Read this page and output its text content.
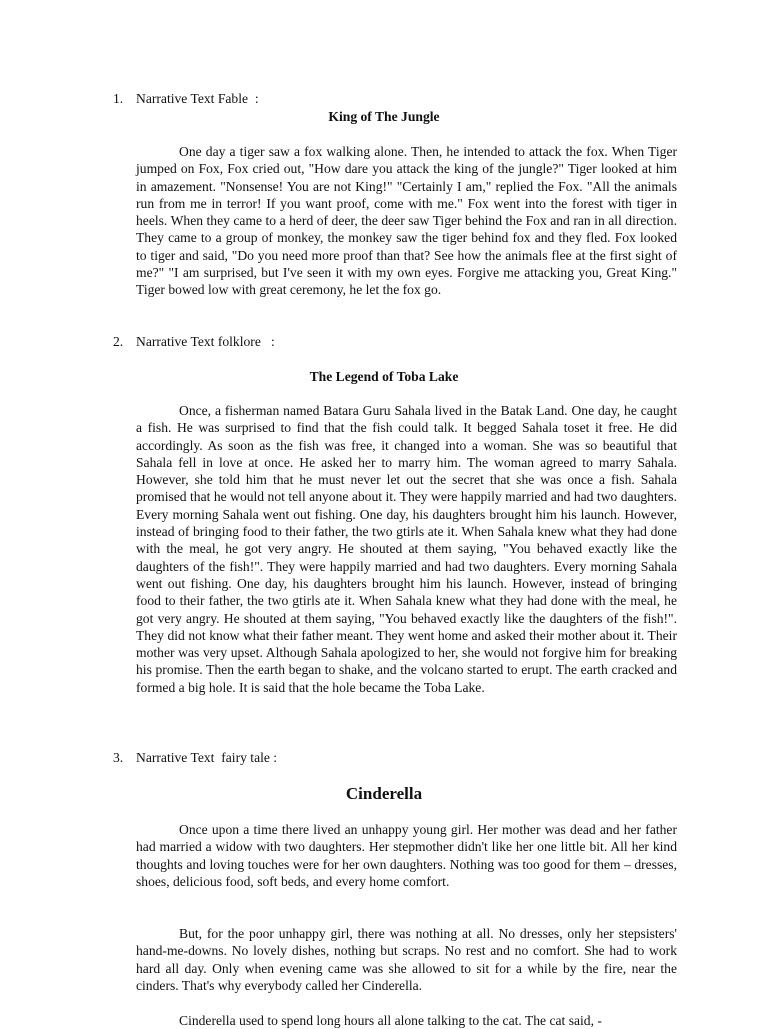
1. Narrative Text Fable  :
King of The Jungle

One day a tiger saw a fox walking alone. Then, he intended to attack the fox. When Tiger jumped on Fox, Fox cried out, "How dare you attack the king of the jungle?" Tiger looked at him in amazement. "Nonsense! You are not King!" "Certainly I am," replied the Fox. "All the animals run from me in terror! If you want proof, come with me." Fox went into the forest with tiger in heels. When they came to a herd of deer, the deer saw Tiger behind the Fox and ran in all direction. They came to a group of monkey, the monkey saw the tiger behind fox and they fled. Fox looked to tiger and said, "Do you need more proof than that? See how the animals flee at the first sight of me?" "I am surprised, but I've seen it with my own eyes. Forgive me attacking you, Great King." Tiger bowed low with great ceremony, he let the fox go.

2. Narrative Text folklore   :
The Legend of Toba Lake

Once, a fisherman named Batara Guru Sahala lived in the Batak Land. One day, he caught a fish. He was surprised to find that the fish could talk. It begged Sahala toset it free. He did accordingly. As soon as the fish was free, it changed into a woman. She was so beautiful that Sahala fell in love at once. He asked her to marry him. The woman agreed to marry Sahala. However, she told him that he must never let out the secret that she was once a fish. Sahala promised that he would not tell anyone about it. They were happily married and had two daughters. Every morning Sahala went out fishing. One day, his daughters brought him his launch. However, instead of bringing food to their father, the two gtirls ate it. When Sahala knew what they had done with the meal, he got very angry. He shouted at them saying, "You behaved exactly like the daughters of the fish!". They were happily married and had two daughters. Every morning Sahala went out fishing. One day, his daughters brought him his launch. However, instead of bringing food to their father, the two gtirls ate it. When Sahala knew what they had done with the meal, he got very angry. He shouted at them saying, "You behaved exactly like the daughters of the fish!". They did not know what their father meant. They went home and asked their mother about it. Their mother was very upset. Although Sahala apologized to her, she would not forgive him for breaking his promise. Then the earth began to shake, and the volcano started to erupt. The earth cracked and formed a big hole. It is said that the hole became the Toba Lake.

3. Narrative Text  fairy tale :
Cinderella

Once upon a time there lived an unhappy young girl. Her mother was dead and her father had married a widow with two daughters. Her stepmother didn't like her one little bit. All her kind thoughts and loving touches were for her own daughters. Nothing was too good for them – dresses, shoes, delicious food, soft beds, and every home comfort.

But, for the poor unhappy girl, there was nothing at all. No dresses, only her stepsisters' hand-me-downs. No lovely dishes, nothing but scraps. No rest and no comfort. She had to work hard all day. Only when evening came was she allowed to sit for a while by the fire, near the cinders. That's why everybody called her Cinderella.

Cinderella used to spend long hours all alone talking to the cat. The cat said, -
